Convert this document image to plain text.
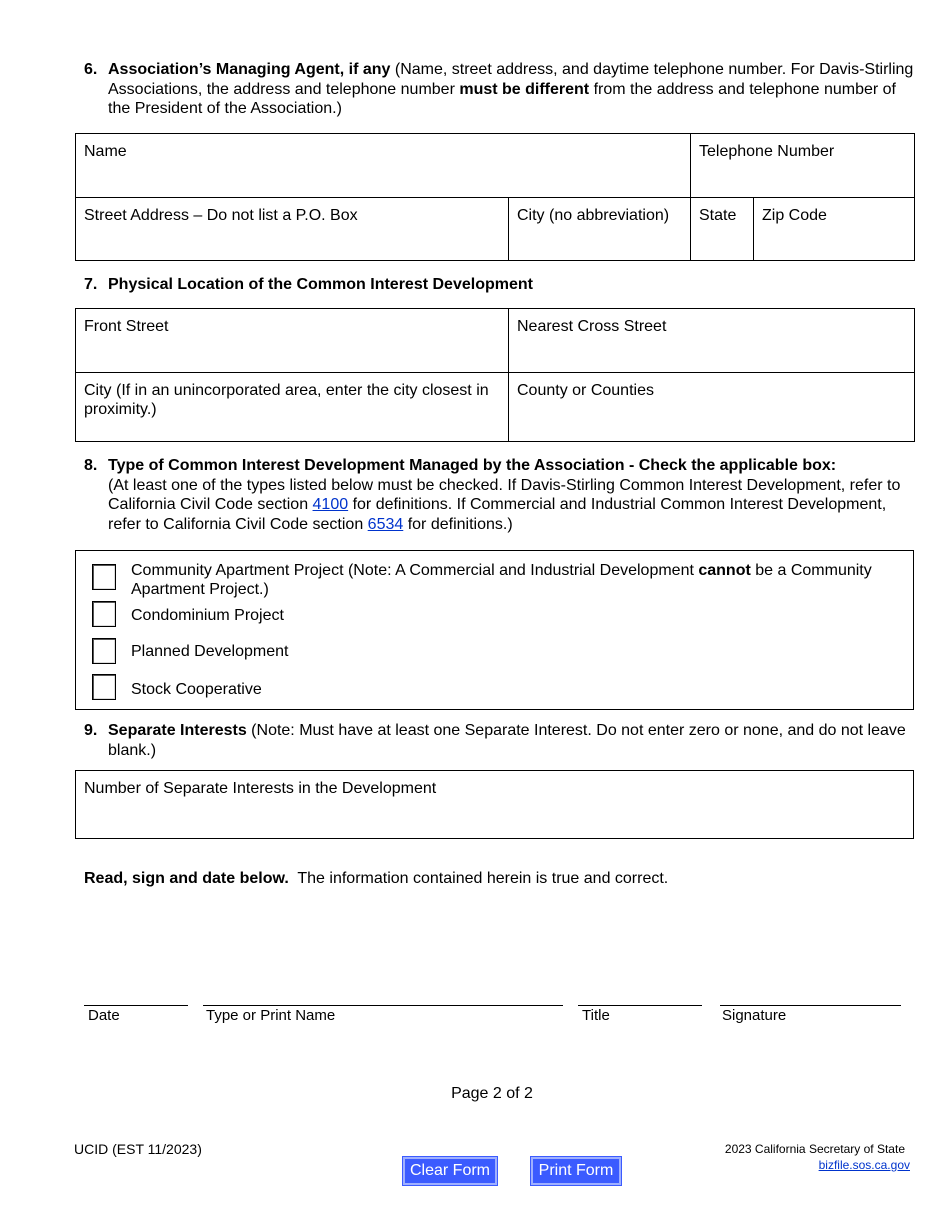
6. Association’s Managing Agent, if any (Name, street address, and daytime telephone number. For Davis-Stirling Associations, the address and telephone number must be different from the address and telephone number of the President of the Association.)
Name		Telephone Number	

Street Address – Do not list a P.O. Box	City (no abbreviation)	State	Zip Code
7. Physical Location of the Common Interest Development
Front Street	Nearest Cross Street

City (If in an unincorporated area, enter the city closest in proximity.)	County or Counties
8. Type of Common Interest Development Managed by the Association - Check the applicable box:
(At least one of the types listed below must be checked. If Davis-Stirling Common Interest Development, refer to California Civil Code section 4100 for definitions. If Commercial and Industrial Common Interest Development, refer to California Civil Code section 6534 for definitions.)
Community Apartment Project (Note: A Commercial and Industrial Development cannot be a Community Apartment Project.)
Condominium Project
Planned Development
Stock Cooperative
9. Separate Interests (Note: Must have at least one Separate Interest. Do not enter zero or none, and do not leave blank.)
Number of Separate Interests in the Development
Read, sign and date below.  The information contained herein is true and correct.
Date	Type or Print Name	Title	Signature
Page 2 of 2
UCID (EST 11/2023)	2023 California Secretary of State
bizfile.sos.ca.gov
Clear Form	Print Form
